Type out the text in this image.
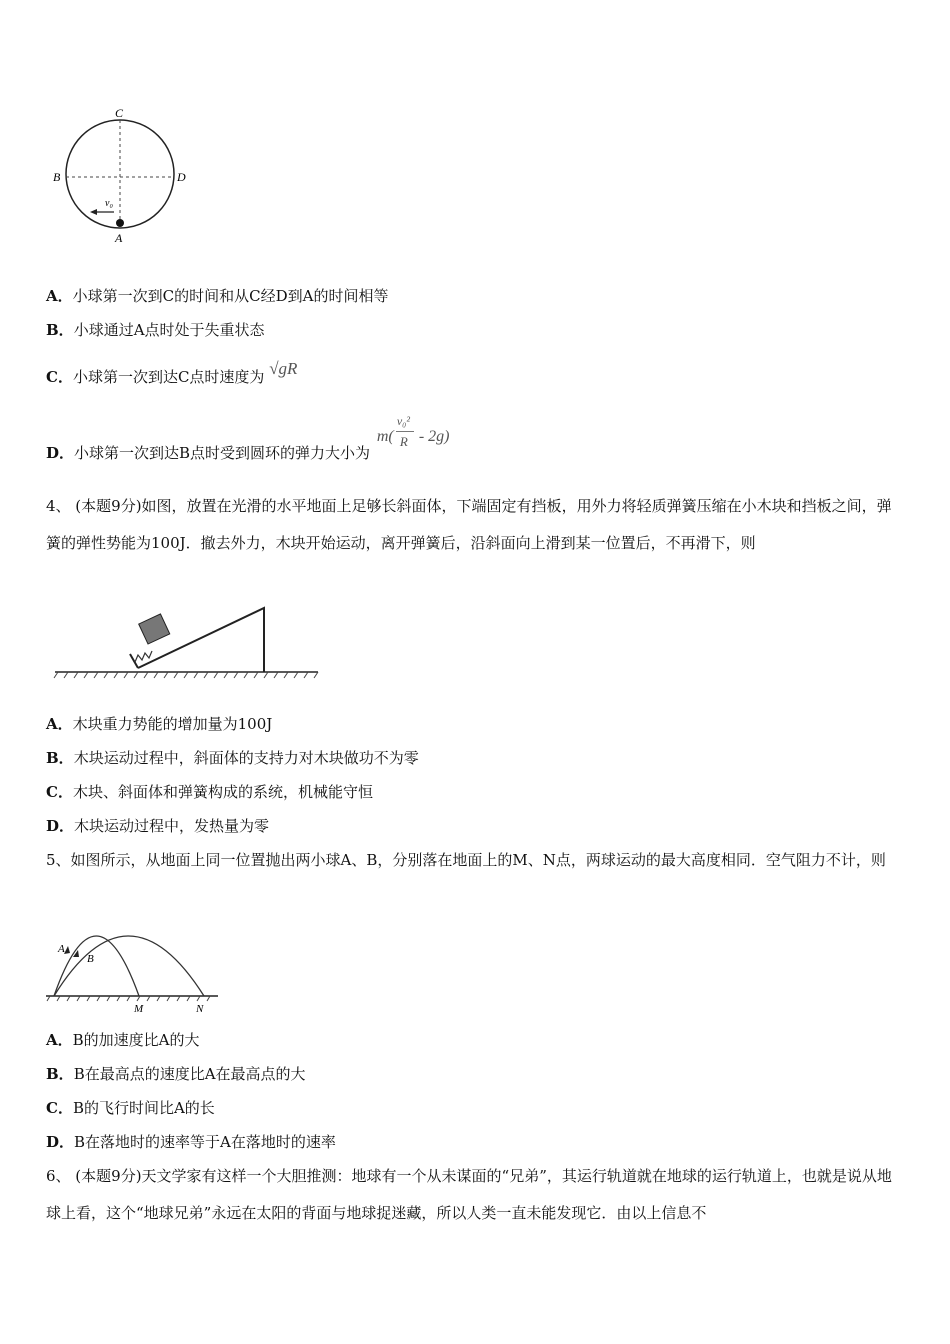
C
B	D
A
v₀
A．小球第一次到C的时间和从C经D到A的时间相等
B．小球通过A点时处于失重状态
C．小球第一次到达C点时速度为 √gR
D．小球第一次到达B点时受到圆环的弹力大小为
m(
v₀²
R - 2g)
4、 (本题9分)如图，放置在光滑的水平地面上足够长斜面体，下端固定有挡板，用外力将轻质弹簧压缩在小木块和挡板之间，弹簧的弹性势能为100J．撤去外力，木块开始运动，离开弹簧后，沿斜面向上滑到某一位置后，不再滑下，则
A．木块重力势能的增加量为100J
B．木块运动过程中，斜面体的支持力对木块做功不为零
C．木块、斜面体和弹簧构成的系统，机械能守恒
D．木块运动过程中，发热量为零
5、如图所示，从地面上同一位置抛出两小球A、B，分别落在地面上的M、N点，两球运动的最大高度相同．空气阻力不计，则
A
B
M	N
A．B的加速度比A的大
B．B在最高点的速度比A在最高点的大
C．B的飞行时间比A的长
D．B在落地时的速率等于A在落地时的速率
6、 (本题9分)天文学家有这样一个大胆推测：地球有一个从未谋面的“兄弟”，其运行轨道就在地球的运行轨道上，也就是说从地球上看，这个“地球兄弟”永远在太阳的背面与地球捉迷藏，所以人类一直未能发现它．由以上信息不
